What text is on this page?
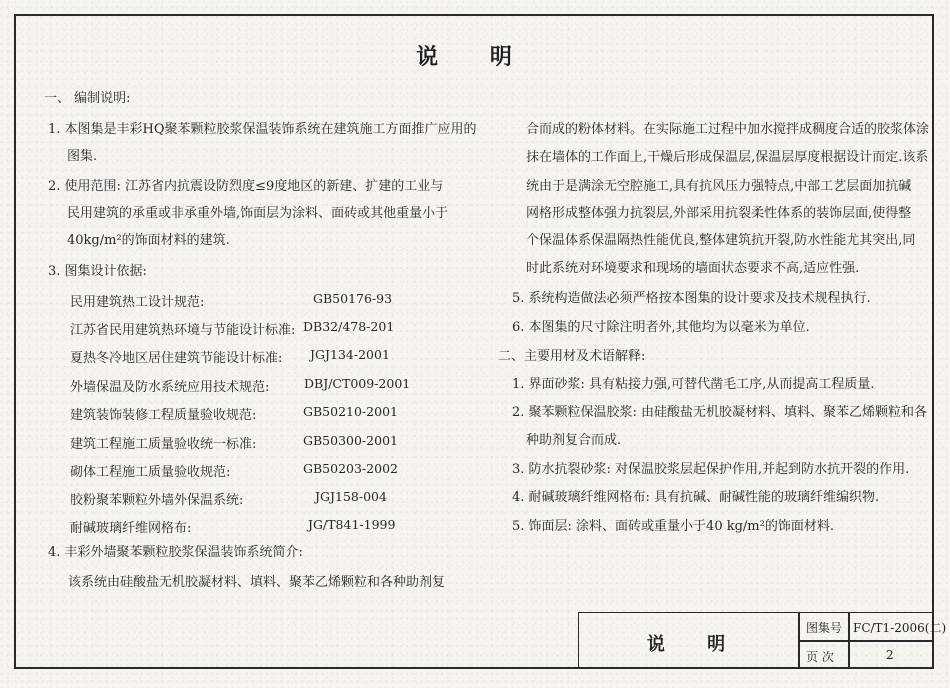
说 明
一、 编制说明:
1. 本图集是丰彩HQ聚苯颗粒胶浆保温装饰系统在建筑施工方面推广应用的
图集.
2. 使用范围: 江苏省内抗震设防烈度≤9度地区的新建、扩建的工业与
民用建筑的承重或非承重外墙,饰面层为涂料、面砖或其他重量小于
40kg/m²的饰面材料的建筑.
3. 图集设计依据:
民用建筑热工设计规范:	GB50176-93
江苏省民用建筑热环境与节能设计标准: DB32/478-201
夏热冬冷地区居住建筑节能设计标准: JGJ134-2001
外墙保温及防水系统应用技术规范:	DBJ/CT009-2001
建筑装饰装修工程质量验收规范:	GB50210-2001
建筑工程施工质量验收统一标准:	GB50300-2001
砌体工程施工质量验收规范:	GB50203-2002
胶粉聚苯颗粒外墙外保温系统:	JGJ158-004
耐碱玻璃纤维网格布:	JG/T841-1999
4. 丰彩外墙聚苯颗粒胶浆保温装饰系统简介:
该系统由硅酸盐无机胶凝材料、填料、聚苯乙烯颗粒和各种助剂复
合而成的粉体材料。在实际施工过程中加水搅拌成稠度合适的胶浆体涂
抹在墙体的工作面上,干燥后形成保温层,保温层厚度根据设计而定.该系
统由于是满涂无空腔施工,具有抗风压力强特点,中部工艺层面加抗碱
网格形成整体强力抗裂层,外部采用抗裂柔性体系的装饰层面,使得整
个保温体系保温隔热性能优良,整体建筑抗开裂,防水性能尤其突出,同
时此系统对环境要求和现场的墙面状态要求不高,适应性强.
5. 系统构造做法必须严格按本图集的设计要求及技术规程执行.
6. 本图集的尺寸除注明者外,其他均为以毫米为单位.
二、主要用材及术语解释:
1. 界面砂浆: 具有粘接力强,可替代凿毛工序,从而提高工程质量.
2. 聚苯颗粒保温胶浆: 由硅酸盐无机胶凝材料、填料、聚苯乙烯颗粒和各
种助剂复合而成.
3. 防水抗裂砂浆: 对保温胶浆层起保护作用,并起到防水抗开裂的作用.
4. 耐碱玻璃纤维网格布: 具有抗碱、耐碱性能的玻璃纤维编织物.
5. 饰面层: 涂料、面砖或重量小于40 kg/m²的饰面材料.
说 明
图集号 FC/T1-2006(二)
页 次	2
